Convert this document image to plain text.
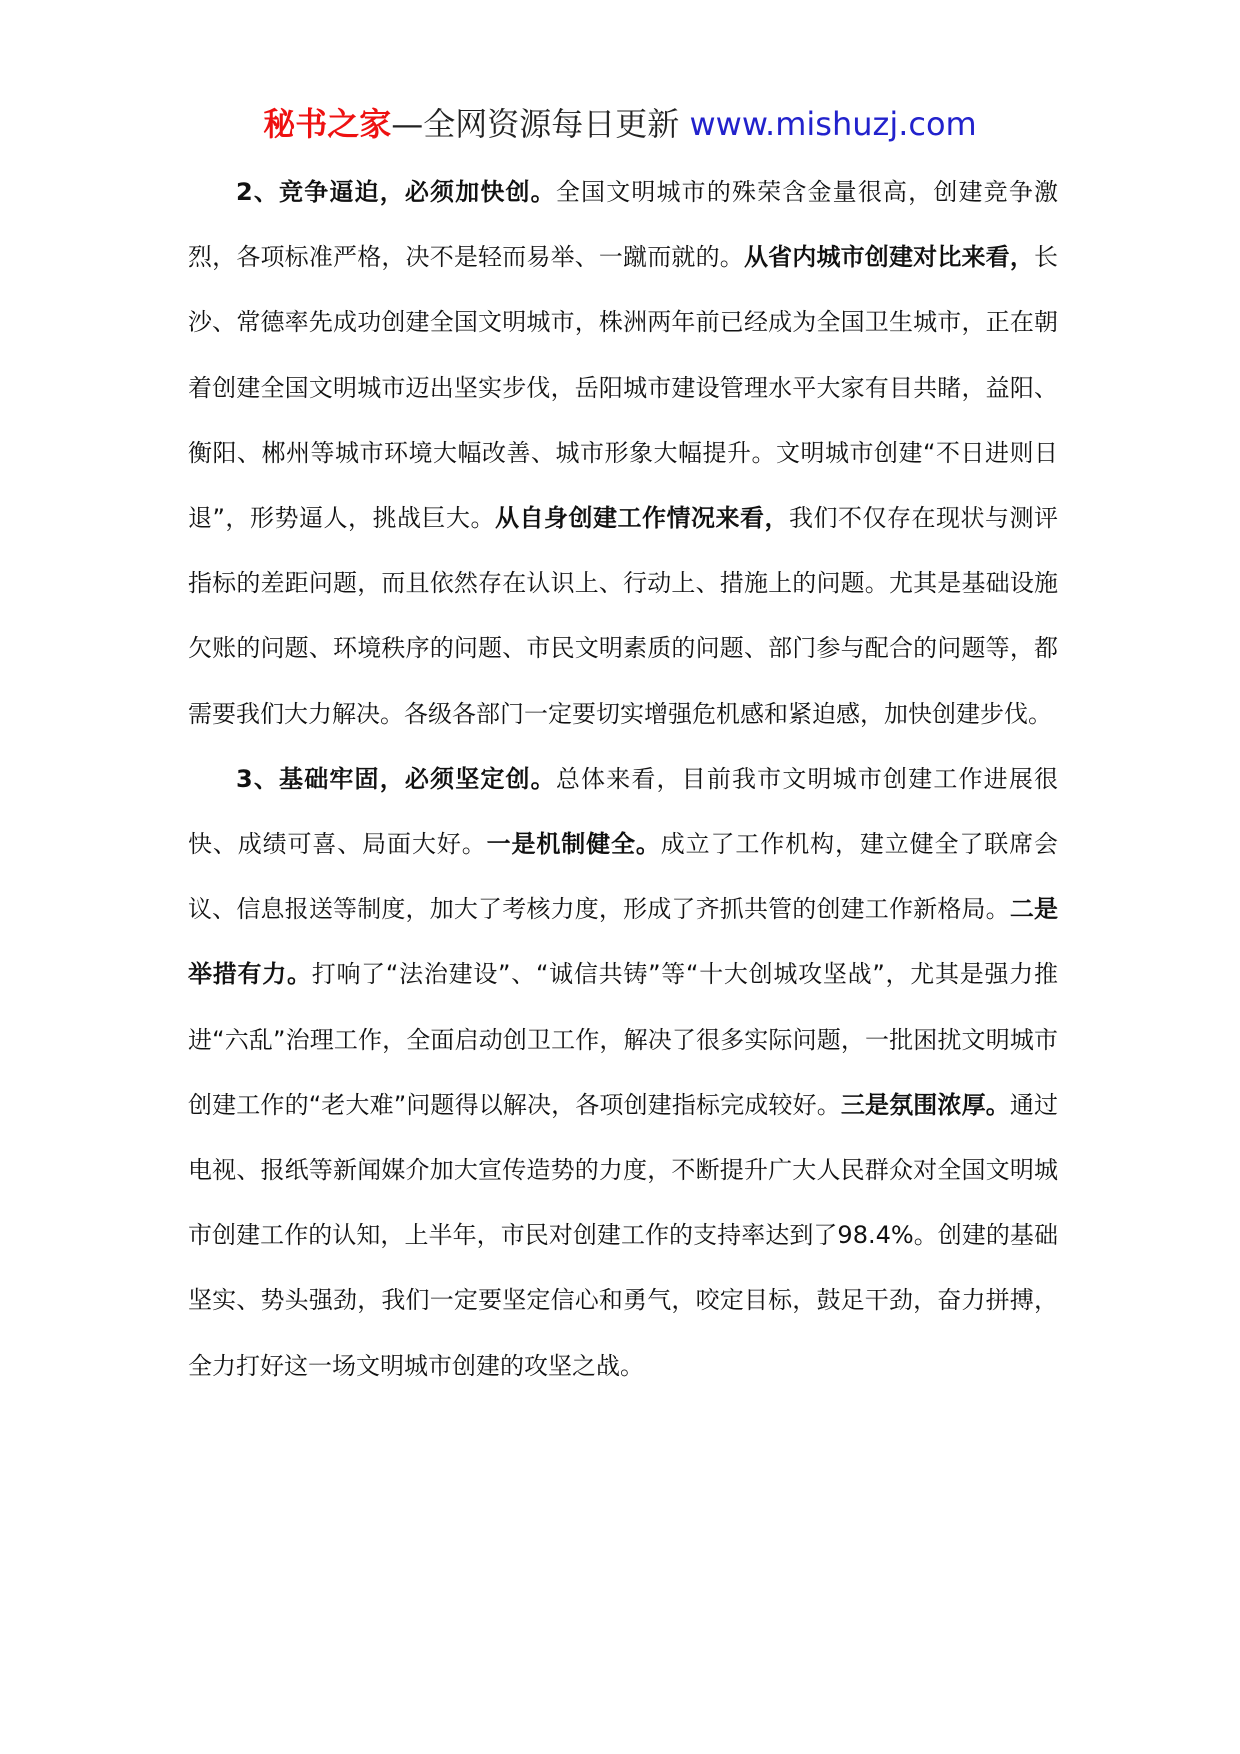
秘书之家—全网资源每日更新 www.mishuzj.com

2、竞争逼迫，必须加快创。全国文明城市的殊荣含金量很高，创建竞争激烈，各项标准严格，决不是轻而易举、一蹴而就的。从省内城市创建对比来看，长沙、常德率先成功创建全国文明城市，株洲两年前已经成为全国卫生城市，正在朝着创建全国文明城市迈出坚实步伐，岳阳城市建设管理水平大家有目共睹，益阳、衡阳、郴州等城市环境大幅改善、城市形象大幅提升。文明城市创建“不日进则日退”，形势逼人，挑战巨大。从自身创建工作情况来看，我们不仅存在现状与测评指标的差距问题，而且依然存在认识上、行动上、措施上的问题。尤其是基础设施欠账的问题、环境秩序的问题、市民文明素质的问题、部门参与配合的问题等，都需要我们大力解决。各级各部门一定要切实增强危机感和紧迫感，加快创建步伐。

3、基础牢固，必须坚定创。总体来看，目前我市文明城市创建工作进展很快、成绩可喜、局面大好。一是机制健全。成立了工作机构，建立健全了联席会议、信息报送等制度，加大了考核力度，形成了齐抓共管的创建工作新格局。二是举措有力。打响了“法治建设”、“诚信共铸”等“十大创城攻坚战”，尤其是强力推进“六乱”治理工作，全面启动创卫工作，解决了很多实际问题，一批困扰文明城市创建工作的“老大难”问题得以解决，各项创建指标完成较好。三是氛围浓厚。通过电视、报纸等新闻媒介加大宣传造势的力度，不断提升广大人民群众对全国文明城市创建工作的认知，上半年，市民对创建工作的支持率达到了98.4%。创建的基础坚实、势头强劲，我们一定要坚定信心和勇气，咬定目标，鼓足干劲，奋力拼搏，全力打好这一场文明城市创建的攻坚之战。
